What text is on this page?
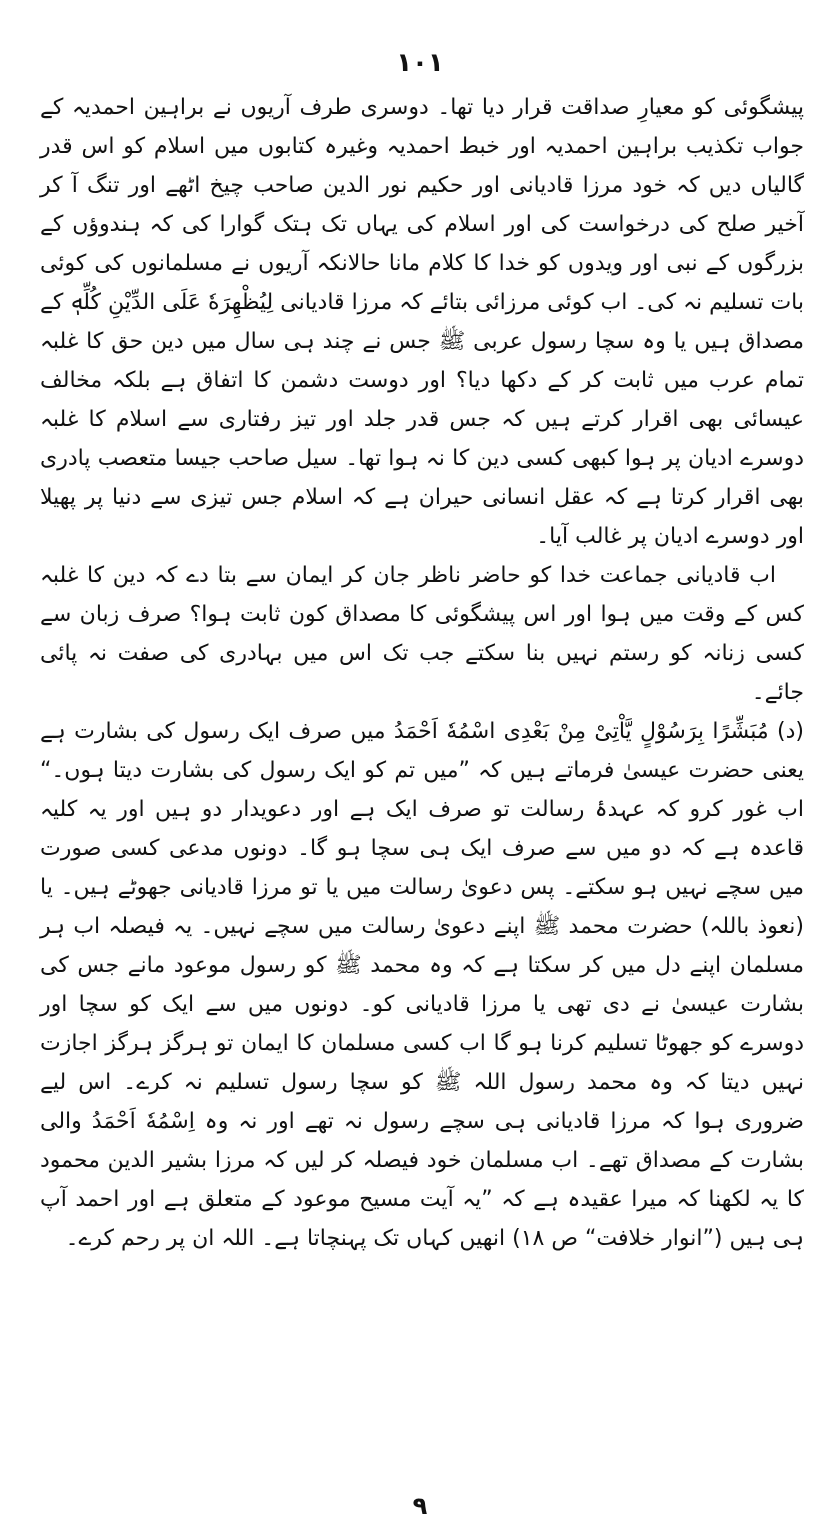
۱۰۱

پیشگوئی کو معیارِ صداقت قرار دیا تھا۔ دوسری طرف آریوں نے براہین احمدیہ کے جواب تکذیب براہین احمدیہ اور خبط احمدیہ وغیرہ کتابوں میں اسلام کو اس قدر گالیاں دیں کہ خود مرزا قادیانی اور حکیم نور الدین صاحب چیخ اٹھے اور تنگ آ کر آخیر صلح کی درخواست کی اور اسلام کی یہاں تک ہتک گوارا کی کہ ہندوؤں کے بزرگوں کے نبی اور ویدوں کو خدا کا کلام مانا حالانکہ آریوں نے مسلمانوں کی کوئی بات تسلیم نہ کی۔ اب کوئی مرزائی بتائے کہ مرزا قادیانی لِیُظْهِرَهٗ عَلَی الدِّیْنِ کُلِّهٖ کے مصداق ہیں یا وہ سچا رسول عربی ﷺ جس نے چند ہی سال میں دین حق کا غلبہ تمام عرب میں ثابت کر کے دکھا دیا؟ اور دوست دشمن کا اتفاق ہے بلکہ مخالف عیسائی بھی اقرار کرتے ہیں کہ جس قدر جلد اور تیز رفتاری سے اسلام کا غلبہ دوسرے ادیان پر ہوا کبھی کسی دین کا نہ ہوا تھا۔ سیل صاحب جیسا متعصب پادری بھی اقرار کرتا ہے کہ عقل انسانی حیران ہے کہ اسلام جس تیزی سے دنیا پر پھیلا اور دوسرے ادیان پر غالب آیا۔

اب قادیانی جماعت خدا کو حاضر ناظر جان کر ایمان سے بتا دے کہ دین کا غلبہ کس کے وقت میں ہوا اور اس پیشگوئی کا مصداق کون ثابت ہوا؟ صرف زبان سے کسی زنانہ کو رستم نہیں بنا سکتے جب تک اس میں بہادری کی صفت نہ پائی جائے۔

(د) مُبَشِّرًا بِرَسُوْلٍ یَّاْتِیْ مِنْ بَعْدِی اسْمُهٗ اَحْمَدُ میں صرف ایک رسول کی بشارت ہے یعنی حضرت عیسیٰ فرماتے ہیں کہ ”میں تم کو ایک رسول کی بشارت دیتا ہوں۔“ اب غور کرو کہ عہدۂ رسالت تو صرف ایک ہے اور دعویدار دو ہیں اور یہ کلیہ قاعدہ ہے کہ دو میں سے صرف ایک ہی سچا ہو گا۔ دونوں مدعی کسی صورت میں سچے نہیں ہو سکتے۔ پس دعویٰ رسالت میں یا تو مرزا قادیانی جھوٹے ہیں۔ یا (نعوذ باللہ) حضرت محمد ﷺ اپنے دعویٰ رسالت میں سچے نہیں۔ یہ فیصلہ اب ہر مسلمان اپنے دل میں کر سکتا ہے کہ وہ محمد ﷺ کو رسول موعود مانے جس کی بشارت عیسیٰ نے دی تھی یا مرزا قادیانی کو۔ دونوں میں سے ایک کو سچا اور دوسرے کو جھوٹا تسلیم کرنا ہو گا اب کسی مسلمان کا ایمان تو ہرگز ہرگز اجازت نہیں دیتا کہ وہ محمد رسول اللہ ﷺ کو سچا رسول تسلیم نہ کرے۔ اس لیے ضروری ہوا کہ مرزا قادیانی ہی سچے رسول نہ تھے اور نہ وہ اِسْمُهٗ اَحْمَدُ والی بشارت کے مصداق تھے۔ اب مسلمان خود فیصلہ کر لیں کہ مرزا بشیر الدین محمود کا یہ لکھنا کہ میرا عقیدہ ہے کہ ”یہ آیت مسیح موعود کے متعلق ہے اور احمد آپ ہی ہیں (”انوار خلافت“ ص ۱۸) انھیں کہاں تک پہنچاتا ہے۔ اللہ ان پر رحم کرے۔

۹
